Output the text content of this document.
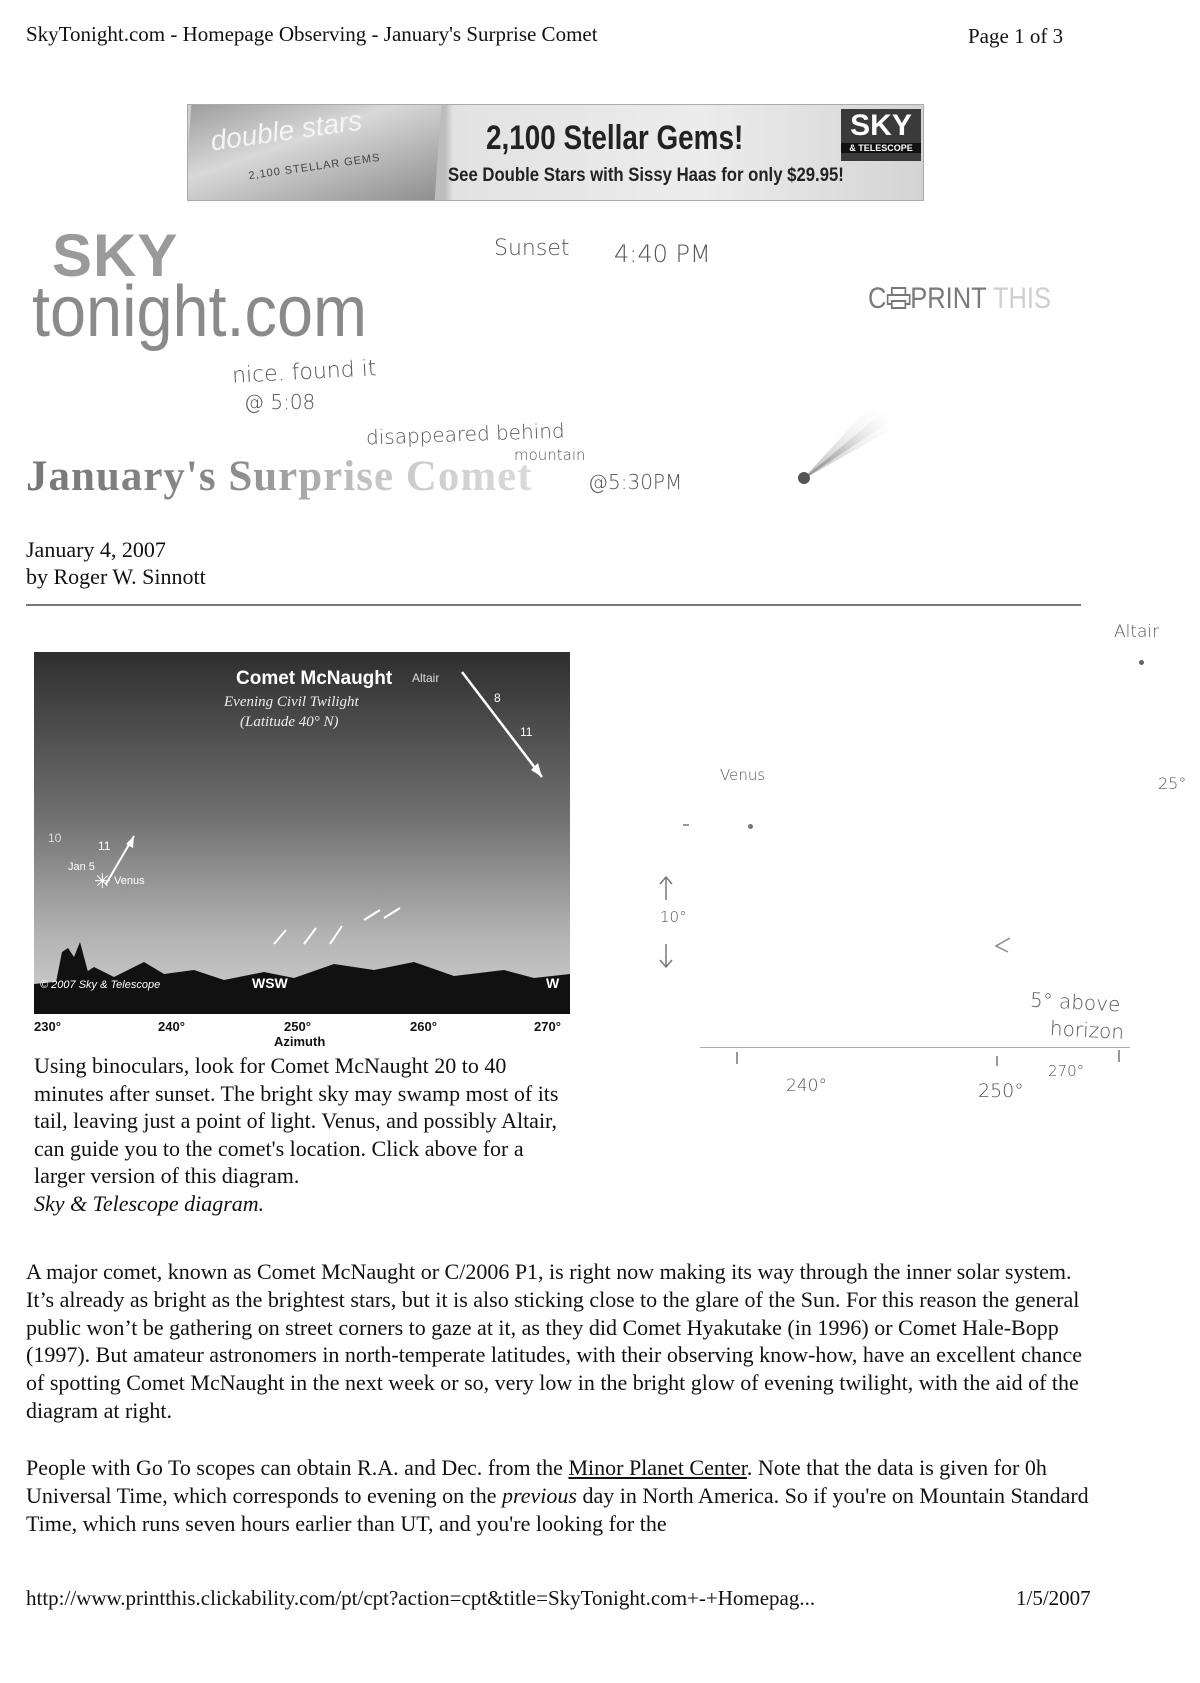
SkyTonight.com - Homepage Observing - January's Surprise Comet	Page 1 of 3
double stars
2,100 STELLAR GEMS
2,100 Stellar Gems!
See Double Stars with Sissy Haas for only $29.95!
SKY
& TELESCOPE
SKY
tonight.com	C PRINT THIS
January's Surprise Comet
Sunset 4:40 PM
nice. found it
@ 5:08
disappeared behind
mountain
@5:30PM
January 4, 2007
by Roger W. Sinnott
✳
Comet McNaught
Evening Civil Twilight
(Latitude 40° N)
Altair
8
11
10
11
Jan 5
Venus
© 2007 Sky & Telescope	WSW	W
230°	240°	250°	260°	270°
Azimuth
Using binoculars, look for Comet McNaught 20 to 40 minutes after sunset. The bright sky may swamp most of its tail, leaving just a point of light. Venus, and possibly Altair, can guide you to the comet's location. Click above for a larger version of this diagram.
Sky & Telescope diagram.
Altair
25°
Venus
10°
5° above
horizon
240°	250°
270°
A major comet, known as Comet McNaught or C/2006 P1, is right now making its way through the inner solar system. It’s already as bright as the brightest stars, but it is also sticking close to the glare of the Sun. For this reason the general public won’t be gathering on street corners to gaze at it, as they did Comet Hyakutake (in 1996) or Comet Hale-Bopp (1997). But amateur astronomers in north-temperate latitudes, with their observing know-how, have an excellent chance of spotting Comet McNaught in the next week or so, very low in the bright glow of evening twilight, with the aid of the diagram at right.
People with Go To scopes can obtain R.A. and Dec. from the Minor Planet Center. Note that the data is given for 0h Universal Time, which corresponds to evening on the previous day in North America. So if you're on Mountain Standard Time, which runs seven hours earlier than UT, and you're looking for the
http://www.printthis.clickability.com/pt/cpt?action=cpt&title=SkyTonight.com+-+Homepag...	1/5/2007
